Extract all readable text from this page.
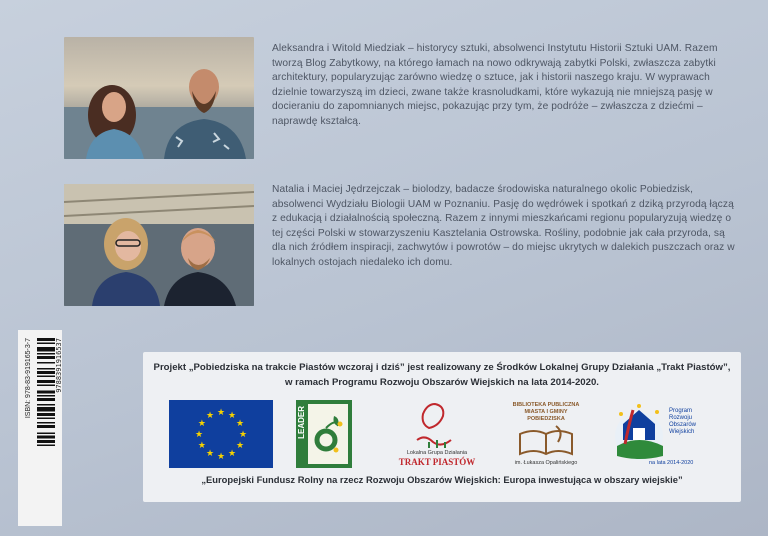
Aleksandra i Witold Miedziak – historycy sztuki, absolwenci Instytutu Historii Sztuki UAM. Razem tworzą Blog Zabytkowy, na którego łamach na nowo odkrywają zabytki Polski, zwłaszcza zabytki architektury, popularyzując zarówno wiedzę o sztuce, jak i historii naszego kraju. W wyprawach dzielnie towarzyszą im dzieci, zwane także krasnoludkami, które wykazują nie mniejszą pasję w docieraniu do zapomnianych miejsc, pokazując przy tym, że podróże – zwłaszcza z dziećmi – naprawdę kształcą.

Natalia i Maciej Jędrzejczak – biolodzy, badacze środowiska naturalnego okolic Pobiedzisk, absolwenci Wydziału Biologii UAM w Poznaniu. Pasję do wędrówek i spotkań z dziką przyrodą łączą z edukacją i działalnością społeczną. Razem z innymi mieszkańcami regionu popularyzują wiedzę o tej części Polski w stowarzyszeniu Kasztelania Ostrowska. Rośliny, podobnie jak cała przyroda, są dla nich źródłem inspiracji, zachwytów i powrotów – do miejsc ukrytych w dalekich puszczach oraz w lokalnych ostojach niedaleko ich domu.

Projekt „Pobiedziska na trakcie Piastów wczoraj i dziś” jest realizowany ze Środków Lokalnej Grupy Działania „Trakt Piastów”, w ramach Programu Rozwoju Obszarów Wiejskich na lata 2014-2020.

★
★
★
★
★
★
★
★
★ ★ ★
★	LEADER
Lokalna Grupa Działania
TRAKT PIASTÓW
BIBLIOTEKA PUBLICZNA
MIASTA I GMINY
POBIEDZISKA
im. Łukasza Opalińskiego
Program
Rozwoju
Obszarów
Wiejskich
na lata 2014-2020

„Europejski Fundusz Rolny na rzecz Rozwoju Obszarów Wiejskich: Europa inwestująca w obszary wiejskie”

ISBN: 978-83-919165-3-7	9788391916537
